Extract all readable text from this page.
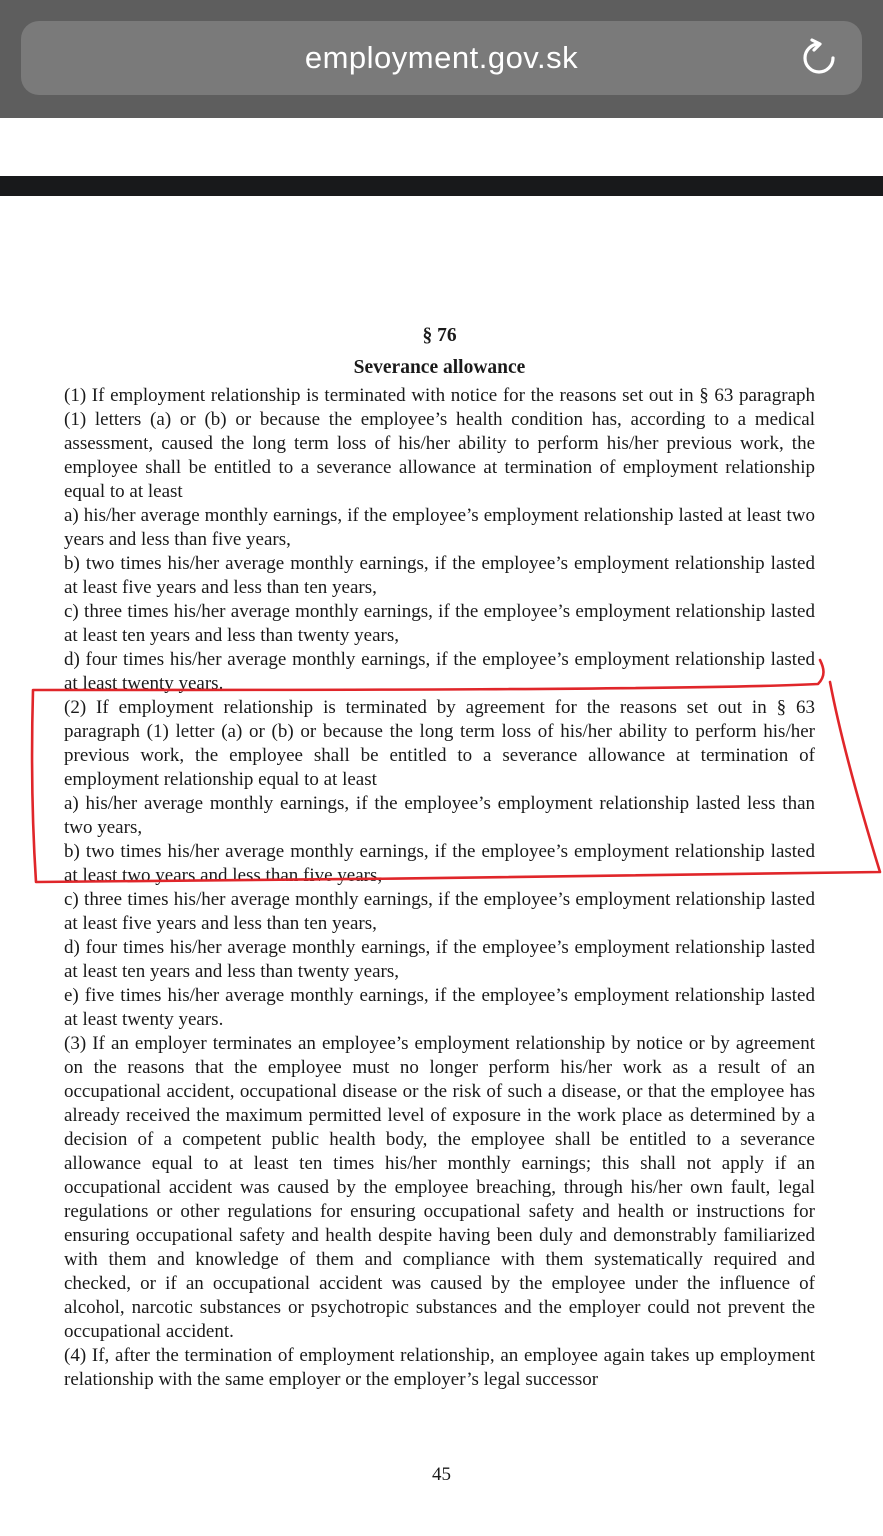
employment.gov.sk
§ 76
Severance allowance

(1) If employment relationship is terminated with notice for the reasons set out in § 63 paragraph (1) letters (a) or (b) or because the employee’s health condition has, according to a medical assessment, caused the long term loss of his/her ability to perform his/her previous work, the employee shall be entitled to a severance allowance at termination of employment relationship equal to at least

a) his/her average monthly earnings, if the employee’s employment relationship lasted at least two years and less than five years,

b) two times his/her average monthly earnings, if the employee’s employment relationship lasted at least five years and less than ten years,

c) three times his/her average monthly earnings, if the employee’s employment relationship lasted at least ten years and less than twenty years,

d) four times his/her average monthly earnings, if the employee’s employment relationship lasted at least twenty years.

(2) If employment relationship is terminated by agreement for the reasons set out in § 63 paragraph (1) letter (a) or (b) or because the long term loss of his/her ability to perform his/her previous work, the employee shall be entitled to a severance allowance at termination of employment relationship equal to at least

a) his/her average monthly earnings, if the employee’s employment relationship lasted less than two years,

b) two times his/her average monthly earnings, if the employee’s employment relationship lasted at least two years and less than five years,

c) three times his/her average monthly earnings, if the employee’s employment relationship lasted at least five years and less than ten years,

d) four times his/her average monthly earnings, if the employee’s employment relationship lasted at least ten years and less than twenty years,

e) five times his/her average monthly earnings, if the employee’s employment relationship lasted at least twenty years.

(3) If an employer terminates an employee’s employment relationship by notice or by agreement on the reasons that the employee must no longer perform his/her work as a result of an occupational accident, occupational disease or the risk of such a disease, or that the employee has already received the maximum permitted level of exposure in the work place as determined by a decision of a competent public health body, the employee shall be entitled to a severance allowance equal to at least ten times his/her monthly earnings; this shall not apply if an occupational accident was caused by the employee breaching, through his/her own fault, legal regulations or other regulations for ensuring occupational safety and health or instructions for ensuring occupational safety and health despite having been duly and demonstrably familiarized with them and knowledge of them and compliance with them systematically required and checked, or if an occupational accident was caused by the employee under the influence of alcohol, narcotic substances or psychotropic substances and the employer could not prevent the occupational accident.

(4) If, after the termination of employment relationship, an employee again takes up employment relationship with the same employer or the employer’s legal successor

45
